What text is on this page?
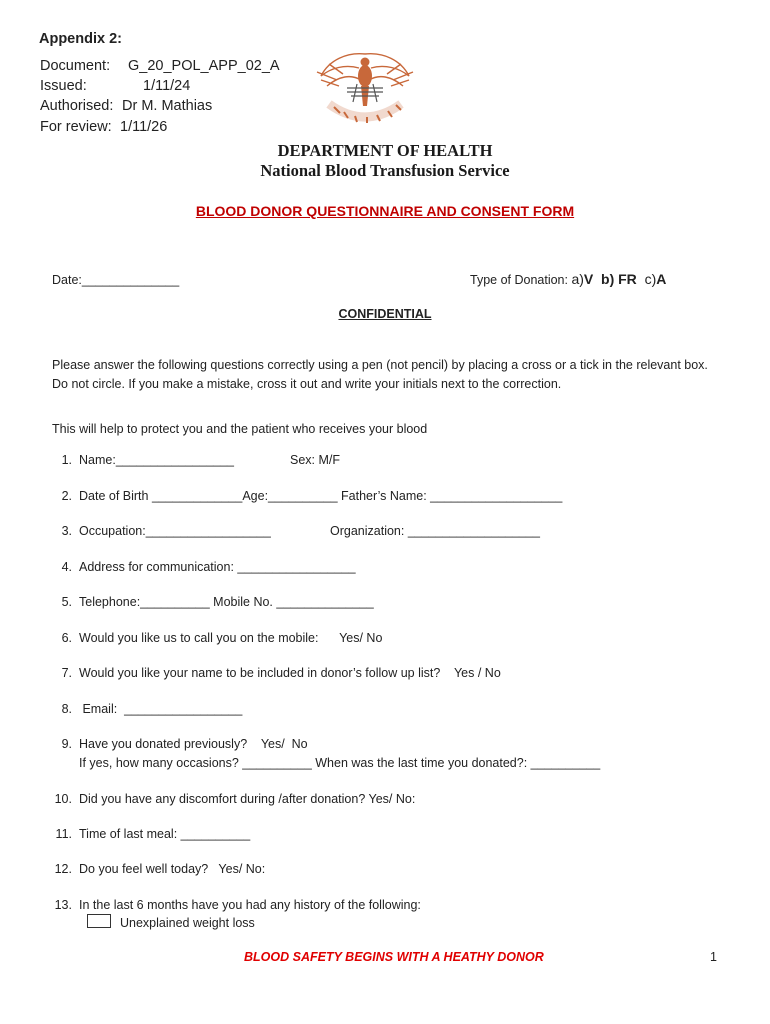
Appendix 2:
Document: G_20_POL_APP_02_A
Issued:	1/11/24
Authorised: Dr M. Mathias
For review: 1/11/26
DEPARTMENT OF HEALTH
National Blood Transfusion Service
BLOOD DONOR QUESTIONNAIRE AND CONSENT FORM
Date:______________	Type of Donation: a)V  b) FR  c)A
CONFIDENTIAL
Please answer the following questions correctly using a pen (not pencil) by placing a cross or a tick in the relevant box. Do not circle. If you make a mistake, cross it out and write your initials next to the correction.
This will help to protect you and the patient who receives your blood
1. Name:_________________	Sex: M/F
2. Date of Birth _____________Age:__________ Father’s Name: ___________________
3. Occupation:__________________	Organization: ___________________
4. Address for communication: _________________
5. Telephone:__________ Mobile No. ______________
6. Would you like us to call you on the mobile:      Yes/ No
7. Would you like your name to be included in donor’s follow up list?    Yes / No
8. Email:  _________________
9. Have you donated previously?    Yes/  No
If yes, how many occasions? __________ When was the last time you donated?: __________
10. Did you have any discomfort during /after donation? Yes/ No:
11. Time of last meal: __________
12. Do you feel well today?   Yes/ No:
13. In the last 6 months have you had any history of the following:
Unexplained weight loss
BLOOD SAFETY BEGINS WITH A HEATHY DONOR	1
